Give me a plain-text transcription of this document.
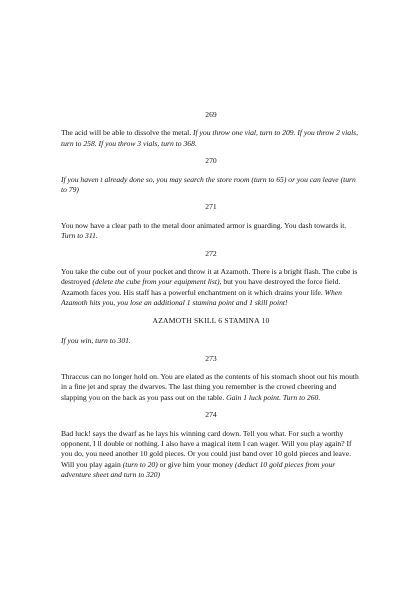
269
The acid will be able to dissolve the metal. If you throw one vial, turn to 209. If you throw 2 vials, turn to 258. If you throw 3 vials, turn to 368.
270
If you haven t already done so, you may search the store room (turn to 65) or you can leave (turn to 79)
271
You now have a clear path to the metal door animated armor is guarding. You dash towards it. Turn to 311.
272
You take the cube out of your pocket and throw it at Azamoth. There is a bright flash. The cube is destroyed (delete the cube from your equipment list), but you have destroyed the force field. Azamoth faces you. His staff has a powerful enchantment on it which drains your life. When Azamoth hits you, you lose an additional 1 stamina point and 1 skill point!
AZAMOTH SKILL 6 STAMINA 10
If you win, turn to 301.
273
Thraccus can no longer hold on. You are elated as the contents of his stomach shoot out his mouth in a fine jet and spray the dwarves. The last thing you remember is the crowd cheering and slapping you on the back as you pass out on the table. Gain 1 luck point. Turn to 260.
274
Bad luck! says the dwarf as he lays his winning card down. Tell you what. For such a worthy opponent, I ll double or nothing. I also have a magical item I can wager. Will you play again? If you do, you need another 10 gold pieces. Or you could just band over 10 gold pieces and leave. Will you play again (turn to 20) or give him your money (deduct 10 gold pieces from your adventure sheet and turn to 320)
